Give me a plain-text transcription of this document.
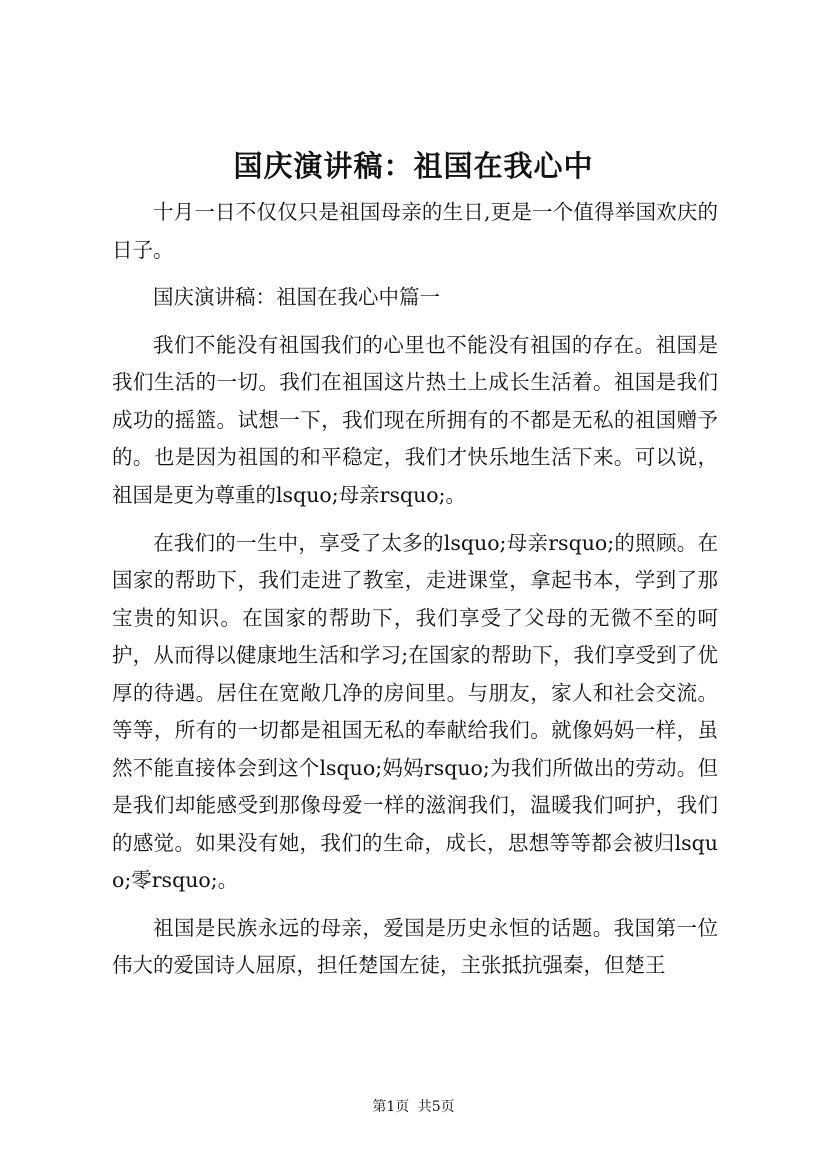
国庆演讲稿：祖国在我心中

十月一日不仅仅只是祖国母亲的生日,更是一个值得举国欢庆的日子。

国庆演讲稿：祖国在我心中篇一

我们不能没有祖国我们的心里也不能没有祖国的存在。祖国是我们生活的一切。我们在祖国这片热土上成长生活着。祖国是我们成功的摇篮。试想一下，我们现在所拥有的不都是无私的祖国赠予的。也是因为祖国的和平稳定，我们才快乐地生活下来。可以说，祖国是更为尊重的lsquo;母亲rsquo;。

在我们的一生中，享受了太多的lsquo;母亲rsquo;的照顾。在国家的帮助下，我们走进了教室，走进课堂，拿起书本，学到了那宝贵的知识。在国家的帮助下，我们享受了父母的无微不至的呵护，从而得以健康地生活和学习;在国家的帮助下，我们享受到了优厚的待遇。居住在宽敞几净的房间里。与朋友，家人和社会交流。等等，所有的一切都是祖国无私的奉献给我们。就像妈妈一样，虽然不能直接体会到这个lsquo;妈妈rsquo;为我们所做出的劳动。但是我们却能感受到那像母爱一样的滋润我们，温暖我们呵护，我们的感觉。如果没有她，我们的生命，成长，思想等等都会被归lsquo;零rsquo;。

祖国是民族永远的母亲，爱国是历史永恒的话题。我国第一位伟大的爱国诗人屈原，担任楚国左徒，主张抵抗强秦，但楚王

第1页 共5页
